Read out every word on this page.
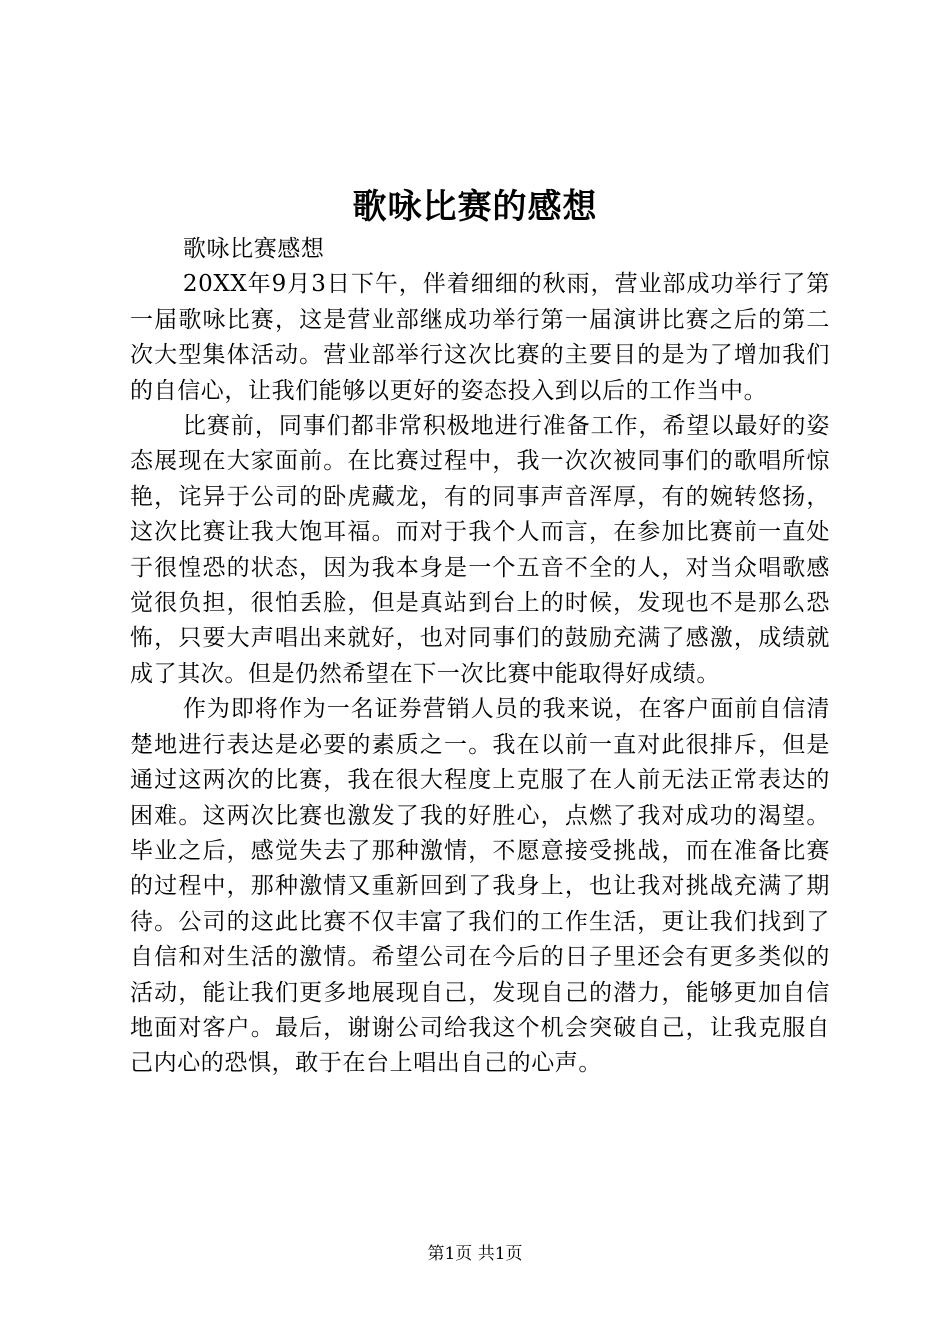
歌咏比赛的感想

歌咏比赛感想

20XX年9月3日下午，伴着细细的秋雨，营业部成功举行了第一届歌咏比赛，这是营业部继成功举行第一届演讲比赛之后的第二次大型集体活动。营业部举行这次比赛的主要目的是为了增加我们的自信心，让我们能够以更好的姿态投入到以后的工作当中。

比赛前，同事们都非常积极地进行准备工作，希望以最好的姿态展现在大家面前。在比赛过程中，我一次次被同事们的歌唱所惊艳，诧异于公司的卧虎藏龙，有的同事声音浑厚，有的婉转悠扬，这次比赛让我大饱耳福。而对于我个人而言，在参加比赛前一直处于很惶恐的状态，因为我本身是一个五音不全的人，对当众唱歌感觉很负担，很怕丢脸，但是真站到台上的时候，发现也不是那么恐怖，只要大声唱出来就好，也对同事们的鼓励充满了感激，成绩就成了其次。但是仍然希望在下一次比赛中能取得好成绩。

作为即将作为一名证券营销人员的我来说，在客户面前自信清楚地进行表达是必要的素质之一。我在以前一直对此很排斥，但是通过这两次的比赛，我在很大程度上克服了在人前无法正常表达的困难。这两次比赛也激发了我的好胜心，点燃了我对成功的渴望。毕业之后，感觉失去了那种激情，不愿意接受挑战，而在准备比赛的过程中，那种激情又重新回到了我身上，也让我对挑战充满了期待。公司的这此比赛不仅丰富了我们的工作生活，更让我们找到了自信和对生活的激情。希望公司在今后的日子里还会有更多类似的活动，能让我们更多地展现自己，发现自己的潜力，能够更加自信地面对客户。最后，谢谢公司给我这个机会突破自己，让我克服自己内心的恐惧，敢于在台上唱出自己的心声。

第1页 共1页
